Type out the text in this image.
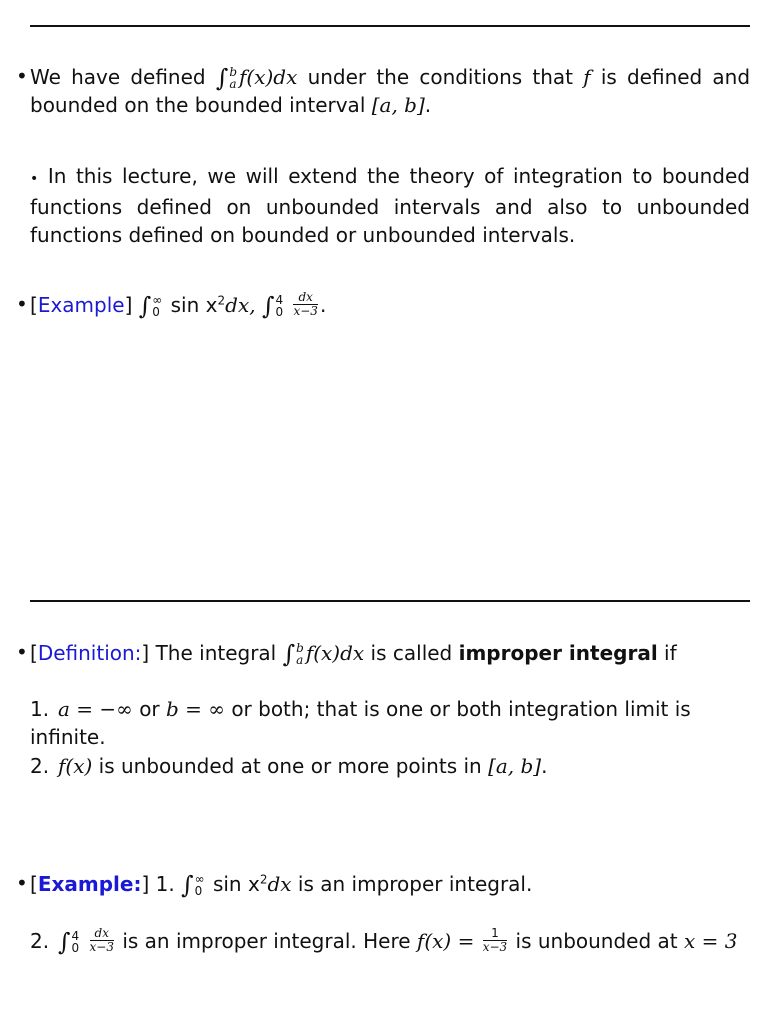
• We have defined ∫ b
a f(x)dx under the conditions that f is defined and bounded on the bounded interval [a, b].
• In this lecture, we will extend the theory of integration to bounded functions defined on unbounded intervals and also to unbounded functions defined on bounded or unbounded intervals.
• [Example] ∫ ∞
0 $\sin x^2dx$, ∫ 4
0
$\frac{dx}{x-3}$ .
• [Definition:] The integral ∫ b
a f(x)dx is called improper integral if
1. a = −∞ or b = ∞ or both; that is one or both integration limit is infinite.
2. f(x) is unbounded at one or more points in [a, b].
• [Example:] 1. ∫ ∞
0 $\sin x^2dx$ is an improper integral.
2. ∫ 4
0
$\frac{dx}{x-3}$ is an improper integral. Here $f(x) = \frac{1}{x-3}$ is unbounded at x = 3
